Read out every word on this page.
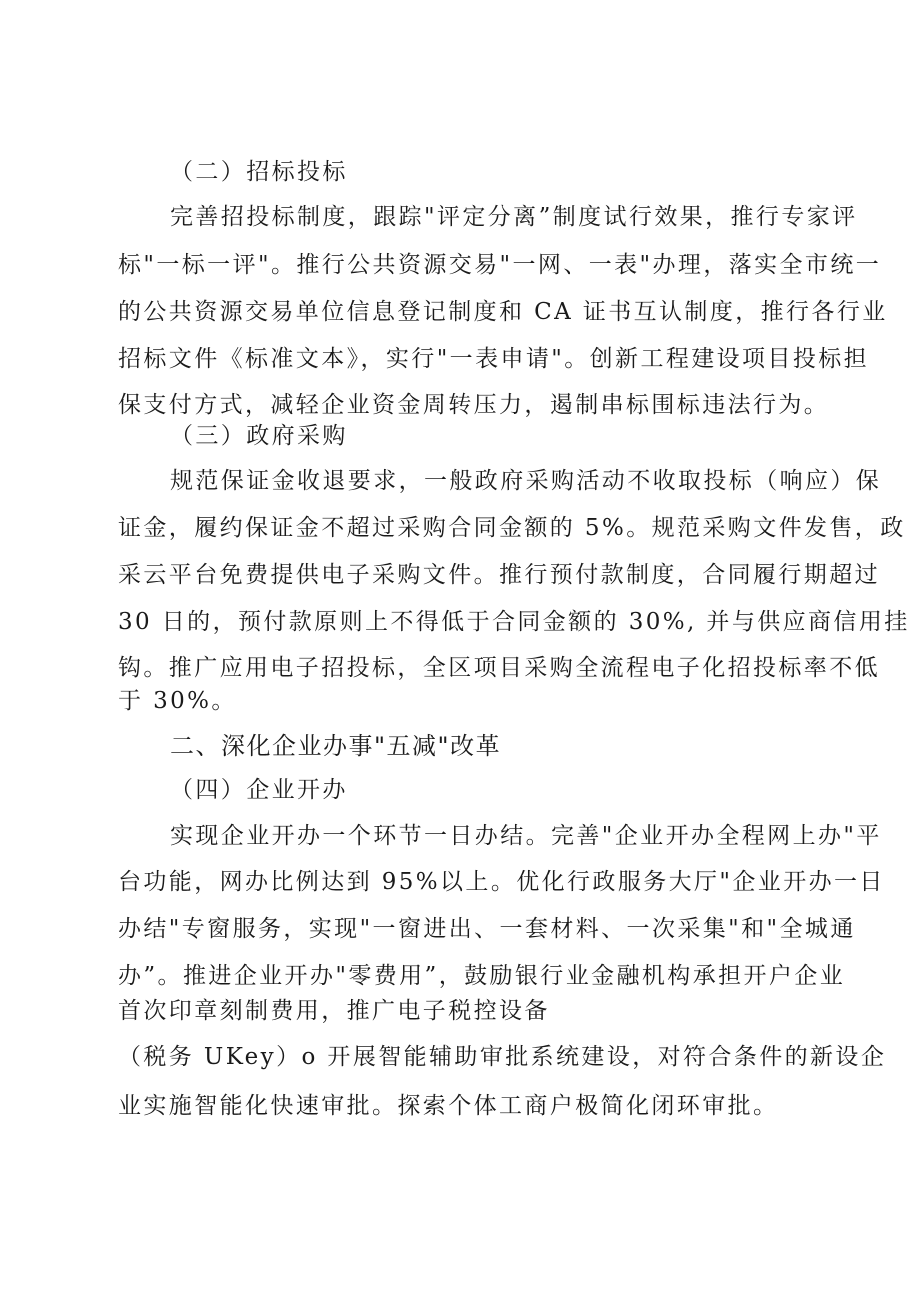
（二）招标投标
完善招投标制度，跟踪"评定分离”制度试行效果，推行专家评
标"一标一评"。推行公共资源交易"一网、一表"办理，落实全市统一
的公共资源交易单位信息登记制度和 CA 证书互认制度，推行各行业
招标文件《标准文本》，实行"一表申请"。创新工程建设项目投标担
保支付方式，减轻企业资金周转压力，遏制串标围标违法行为。
（三）政府采购
规范保证金收退要求，一般政府采购活动不收取投标（响应）保
证金，履约保证金不超过采购合同金额的 5%。规范采购文件发售，政
采云平台免费提供电子采购文件。推行预付款制度，合同履行期超过
30 日的，预付款原则上不得低于合同金额的 30%, 并与供应商信用挂
钩。推广应用电子招投标，全区项目采购全流程电子化招投标率不低
于 30%。
二、深化企业办事"五减"改革
（四）企业开办
实现企业开办一个环节一日办结。完善"企业开办全程网上办"平
台功能，网办比例达到 95%以上。优化行政服务大厅"企业开办一日
办结"专窗服务，实现"一窗进出、一套材料、一次采集"和"全城通
办”。推进企业开办"零费用”，鼓励银行业金融机构承担开户企业
首次印章刻制费用，推广电子税控设备
（税务 UKey）o 开展智能辅助审批系统建设，对符合条件的新设企
业实施智能化快速审批。探索个体工商户极简化闭环审批。
